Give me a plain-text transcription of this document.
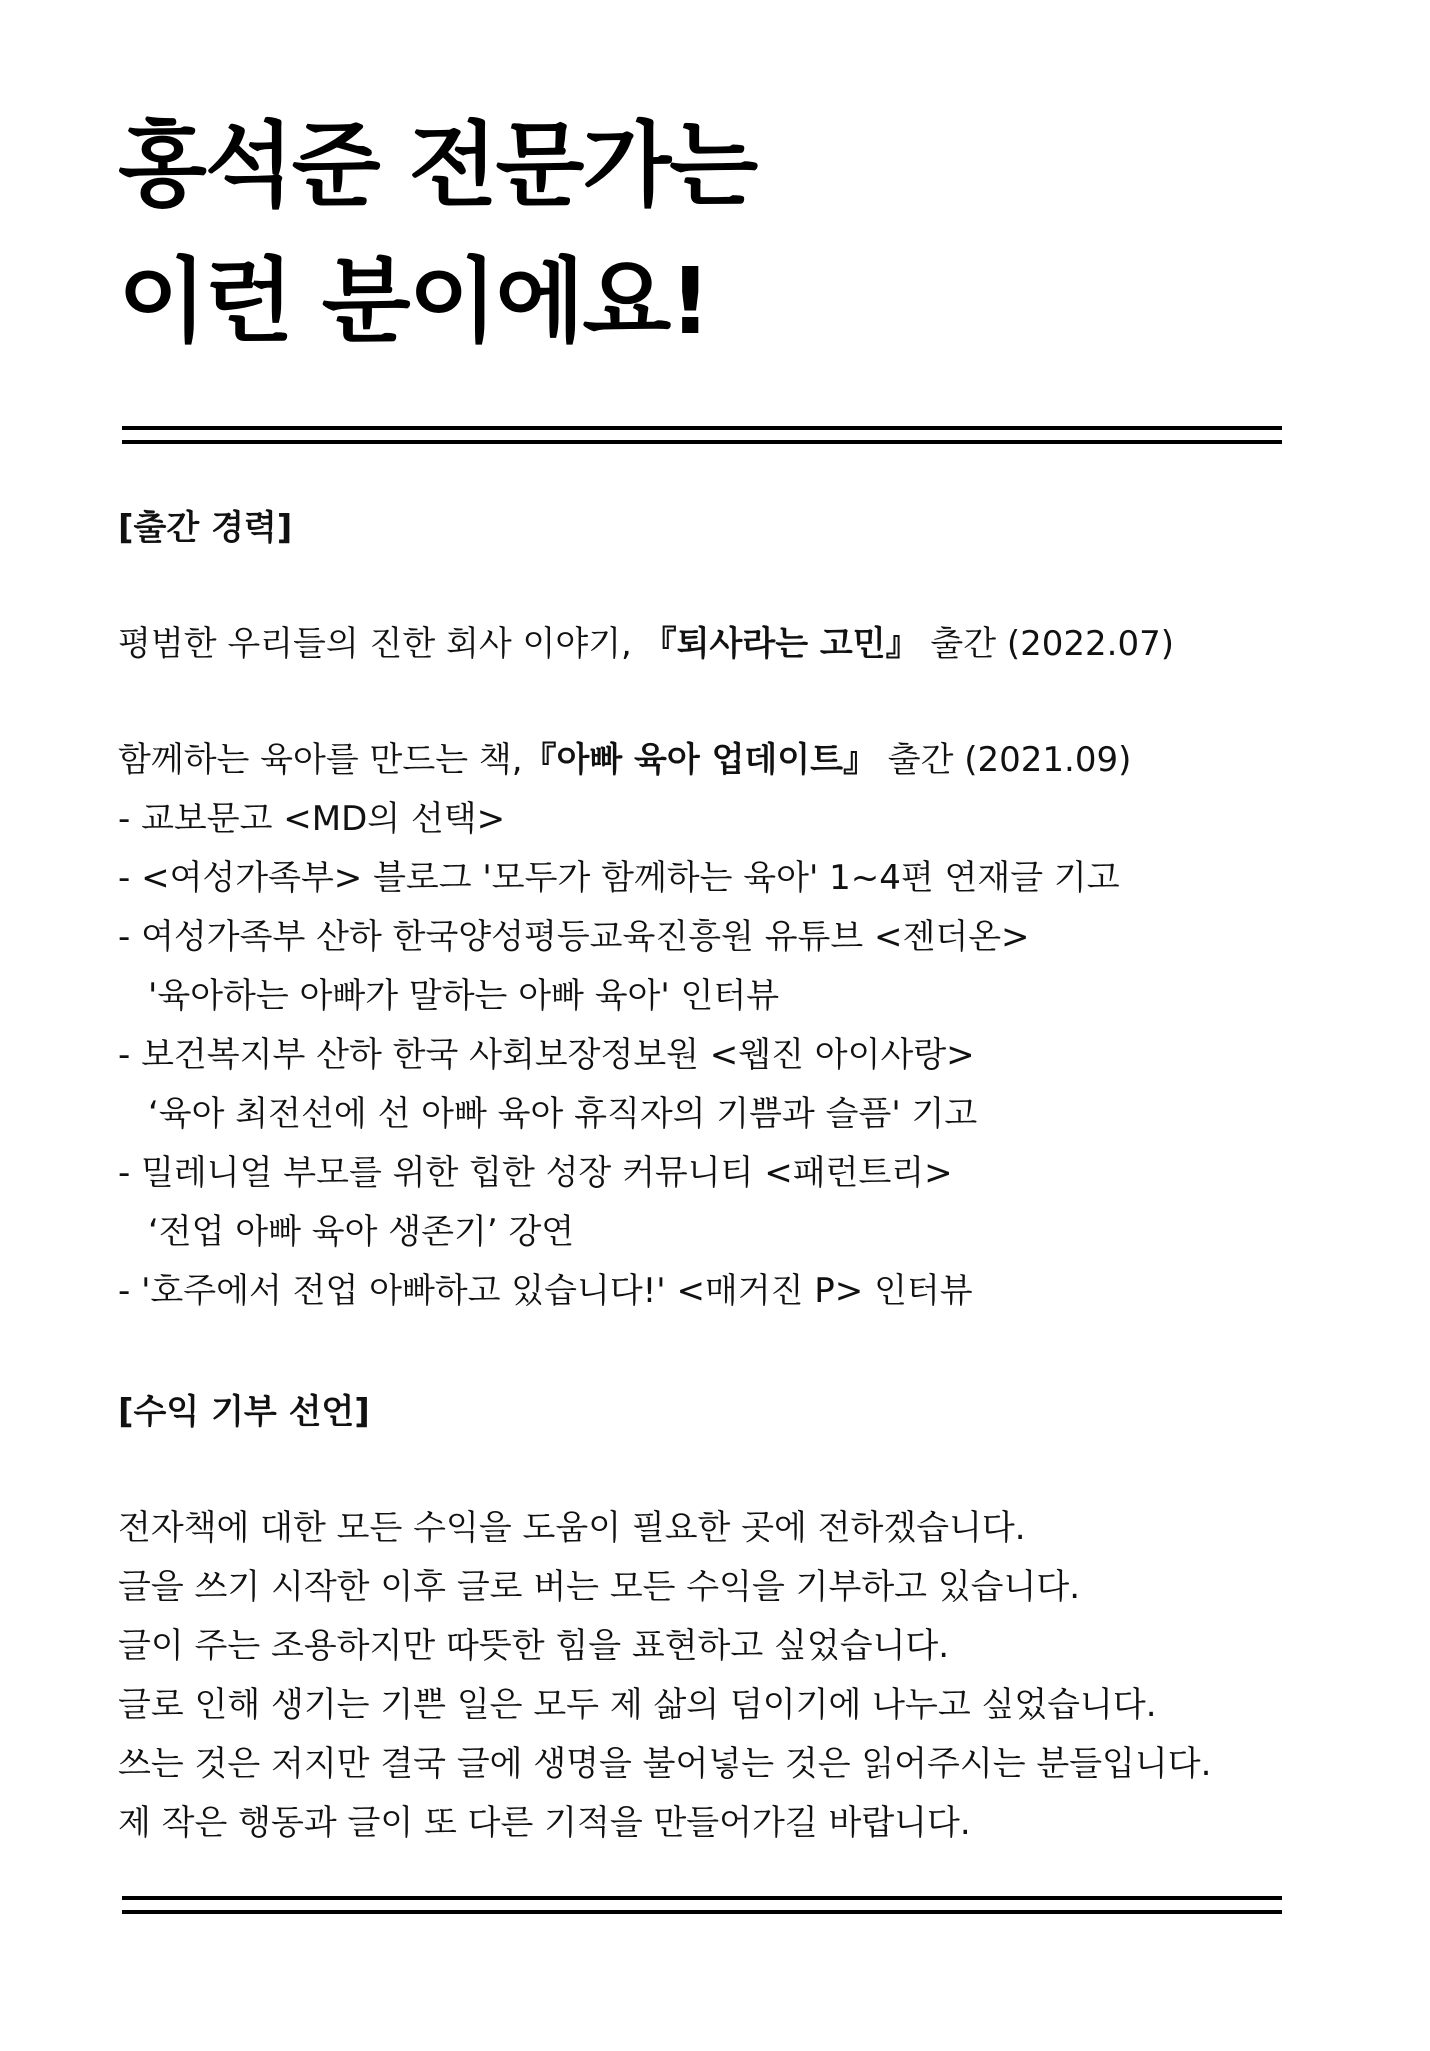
홍석준 전문가는
이런 분이에요!
[출간 경력]
평범한 우리들의 진한 회사 이야기, 『퇴사라는 고민』 출간 (2022.07)
함께하는 육아를 만드는 책,『아빠 육아 업데이트』 출간 (2021.09)
- 교보문고 <MD의 선택>
- <여성가족부> 블로그 '모두가 함께하는 육아' 1~4편 연재글 기고
- 여성가족부 산하 한국양성평등교육진흥원 유튜브 <젠더온>
'육아하는 아빠가 말하는 아빠 육아' 인터뷰
- 보건복지부 산하 한국 사회보장정보원 <웹진 아이사랑>
‘육아 최전선에 선 아빠 육아 휴직자의 기쁨과 슬픔' 기고
- 밀레니얼 부모를 위한 힙한 성장 커뮤니티 <패런트리>
‘전업 아빠 육아 생존기’ 강연
- '호주에서 전업 아빠하고 있습니다!' <매거진 P> 인터뷰
[수익 기부 선언]
전자책에 대한 모든 수익을 도움이 필요한 곳에 전하겠습니다.
글을 쓰기 시작한 이후 글로 버는 모든 수익을 기부하고 있습니다.
글이 주는 조용하지만 따뜻한 힘을 표현하고 싶었습니다.
글로 인해 생기는 기쁜 일은 모두 제 삶의 덤이기에 나누고 싶었습니다.
쓰는 것은 저지만 결국 글에 생명을 불어넣는 것은 읽어주시는 분들입니다.
제 작은 행동과 글이 또 다른 기적을 만들어가길 바랍니다.
